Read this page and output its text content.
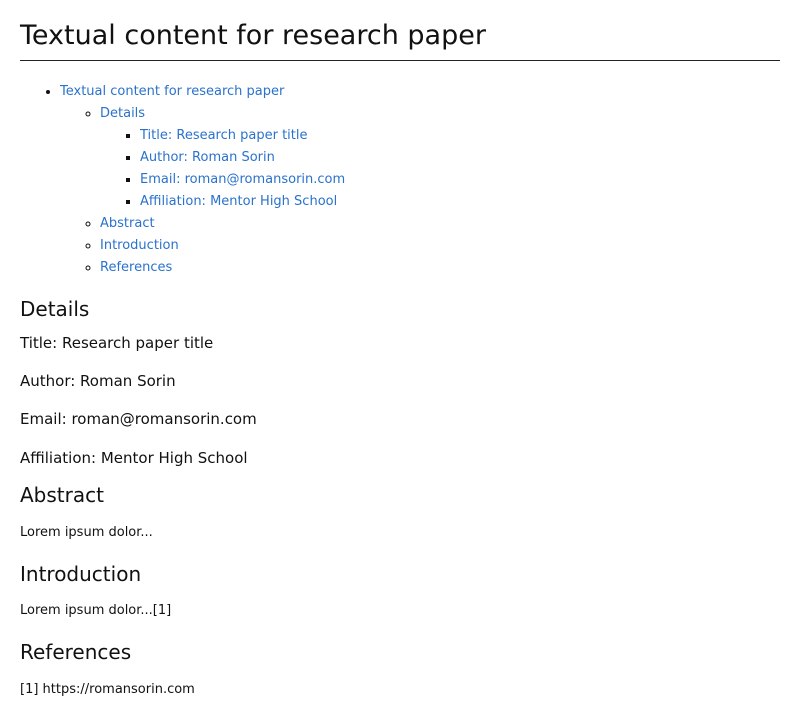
Textual content for research paper
• Textual content for research paper
◦ Details
▪ Title: Research paper title
▪ Author: Roman Sorin
▪ Email: roman@romansorin.com
▪ Affiliation: Mentor High School
◦ Abstract
◦ Introduction
◦ References
Details

Title: Research paper title

Author: Roman Sorin

Email: roman@romansorin.com

Affiliation: Mentor High School

Abstract

Lorem ipsum dolor...

Introduction

Lorem ipsum dolor...[1]

References

[1] https://romansorin.com
